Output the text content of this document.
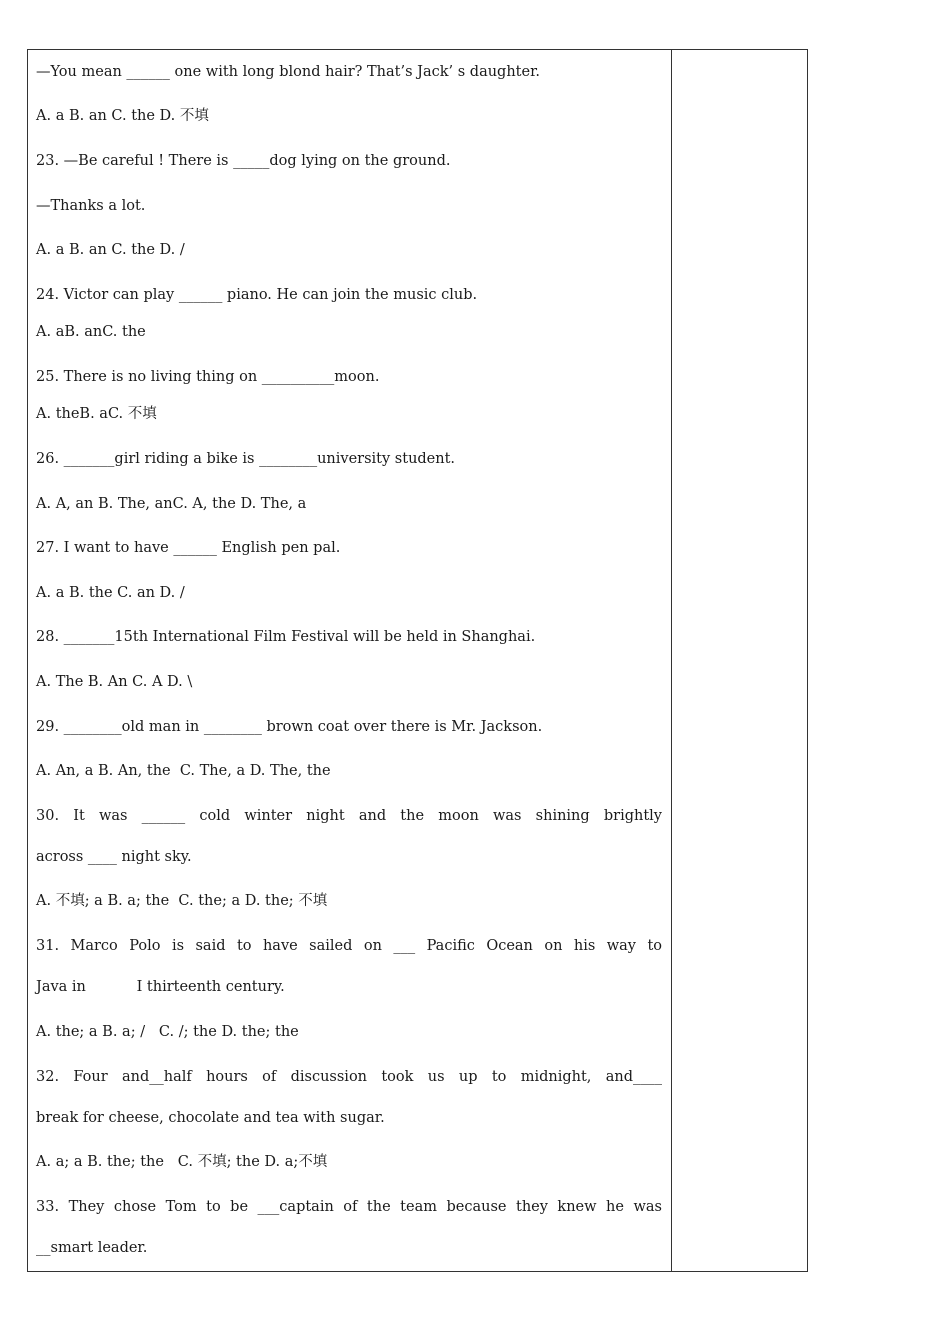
—You mean ______ one with long blond hair? That’s Jack’ s daughter.

A. a B. an C. the D. 不填

23. —Be careful ! There is _____dog lying on the ground.

—Thanks a lot.

A. a B. an C. the D. /

24. Victor can play ______ piano. He can join the music club.

A. aB. anC. the

25. There is no living thing on __________moon.

A. theB. aC. 不填

26. _______girl riding a bike is ________university student.

A. A, an B. The, anC. A, the D. The, a

27. I want to have ______ English pen pal.

A. a B. the C. an D. /

28. _______15th International Film Festival will be held in Shanghai.

A. The B. An C. A D. \

29. ________old man in ________ brown coat over there is Mr. Jackson.

A. An, a B. An, the  C. The, a D. The, the

30. It was ______ cold winter night and the moon was shining brightly

across ____ night sky.

A. 不填; a B. a; the  C. the; a D. the; 不填

31. Marco Polo is said to have sailed on ___ Pacific Ocean on his way to

Java in           I thirteenth century.

A. the; a B. a; /   C. /; the D. the; the

32. Four and__half hours of discussion took us up to midnight, and____

break for cheese, chocolate and tea with sugar.

A. a; a B. the; the   C. 不填; the D. a;不填

33. They chose Tom to be ___captain of the team because they knew he was

__smart leader.
